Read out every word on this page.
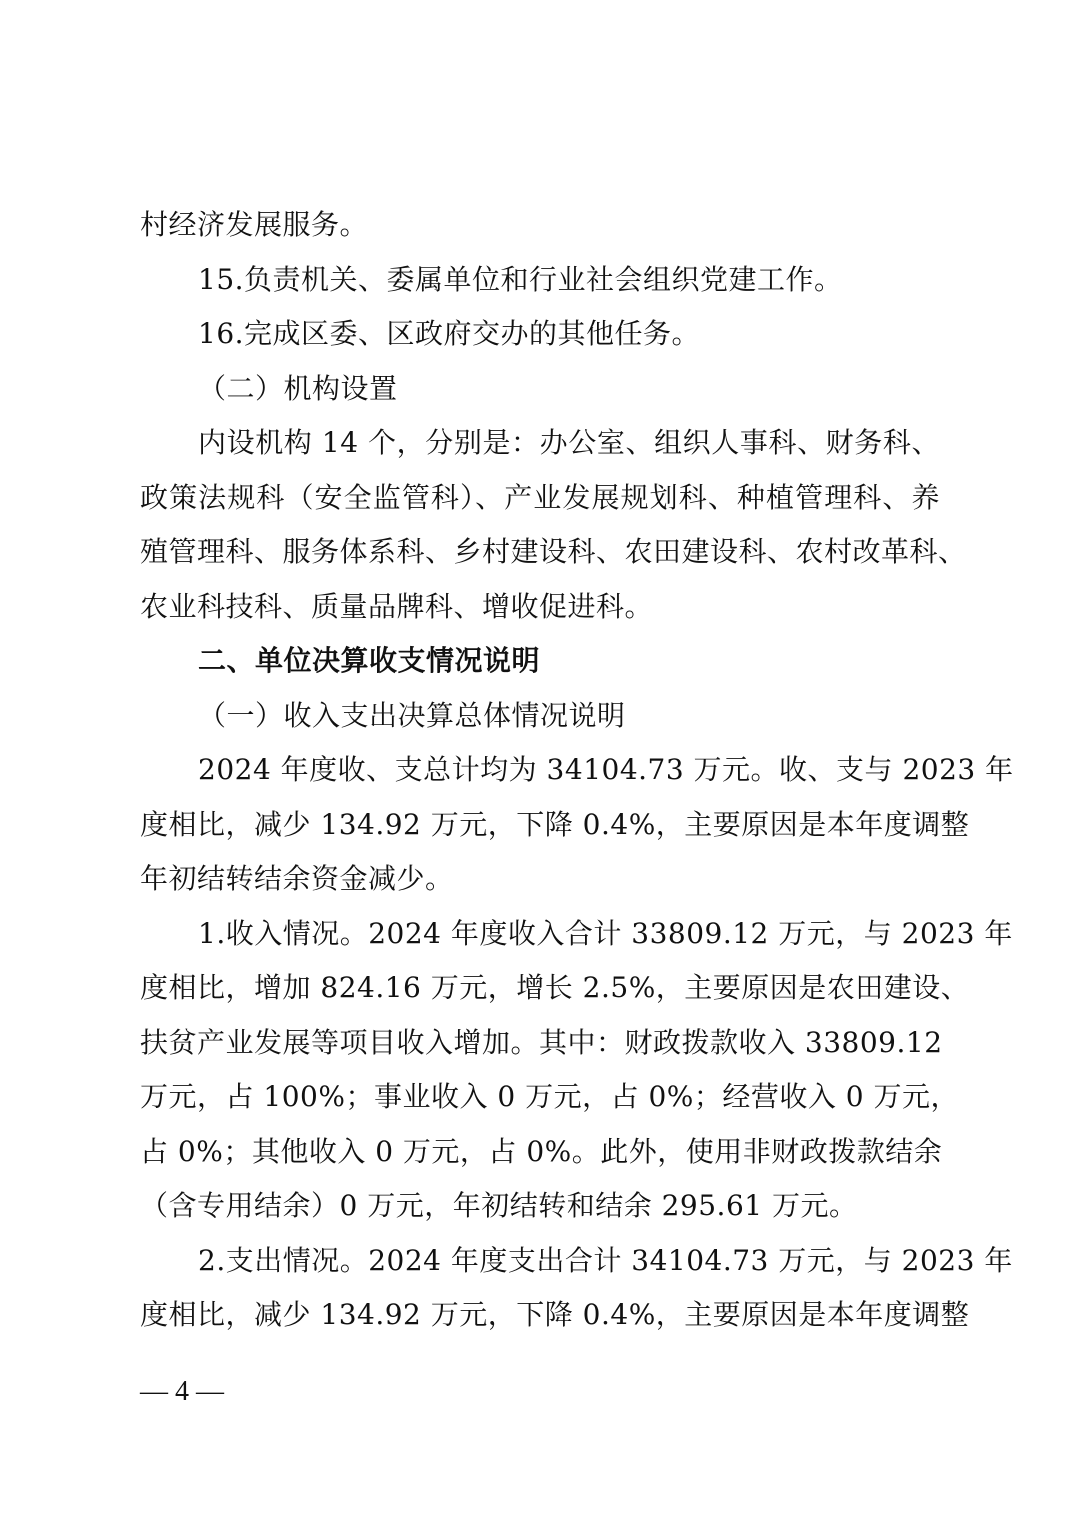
村经济发展服务。
15.负责机关、委属单位和行业社会组织党建工作。
16.完成区委、区政府交办的其他任务。
（二）机构设置
内设机构 14 个，分别是：办公室、组织人事科、财务科、
政策法规科（安全监管科）、产业发展规划科、种植管理科、养
殖管理科、服务体系科、乡村建设科、农田建设科、农村改革科、
农业科技科、质量品牌科、增收促进科。
二、单位决算收支情况说明
（一）收入支出决算总体情况说明
2024 年度收、支总计均为 34104.73 万元。收、支与 2023 年
度相比，减少 134.92 万元，下降 0.4%，主要原因是本年度调整
年初结转结余资金减少。
1.收入情况。2024 年度收入合计 33809.12 万元，与 2023 年
度相比，增加 824.16 万元，增长 2.5%，主要原因是农田建设、
扶贫产业发展等项目收入增加。其中：财政拨款收入 33809.12
万元，占 100%；事业收入 0 万元，占 0%；经营收入 0 万元，
占 0%；其他收入 0 万元，占 0%。此外，使用非财政拨款结余
（含专用结余）0 万元，年初结转和结余 295.61 万元。
2.支出情况。2024 年度支出合计 34104.73 万元，与 2023 年
度相比，减少 134.92 万元，下降 0.4%，主要原因是本年度调整
— 4 —
